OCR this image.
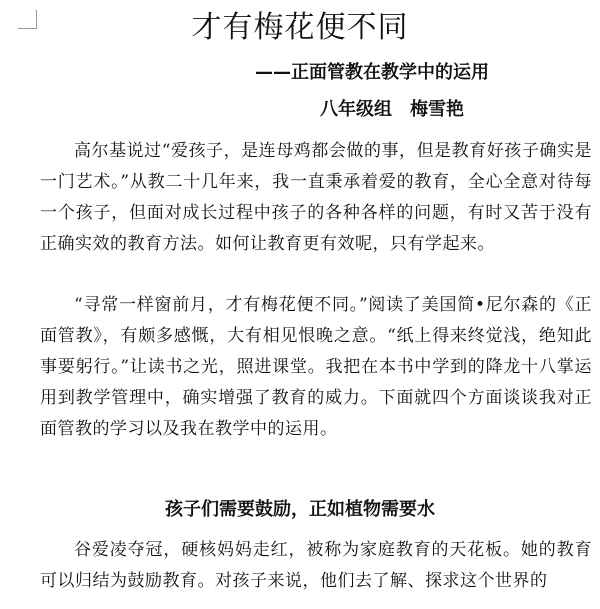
才有梅花便不同
——正面管教在教学中的运用
八年级组 梅雪艳

高尔基说过“爱孩子，是连母鸡都会做的事，但是教育好孩子确实是一门艺术。”从教二十几年来，我一直秉承着爱的教育，全心全意对待每一个孩子，但面对成长过程中孩子的各种各样的问题，有时又苦于没有正确实效的教育方法。如何让教育更有效呢，只有学起来。

“寻常一样窗前月，才有梅花便不同。”阅读了美国简•尼尔森的《正面管教》，有颇多感慨，大有相见恨晚之意。“纸上得来终觉浅，绝知此事要躬行。”让读书之光，照进课堂。我把在本书中学到的降龙十八掌运用到教学管理中，确实增强了教育的威力。下面就四个方面谈谈我对正面管教的学习以及我在教学中的运用。

孩子们需要鼓励，正如植物需要水

谷爱凌夺冠，硬核妈妈走红，被称为家庭教育的天花板。她的教育可以归结为鼓励教育。对孩子来说，他们去了解、探求这个世界的
